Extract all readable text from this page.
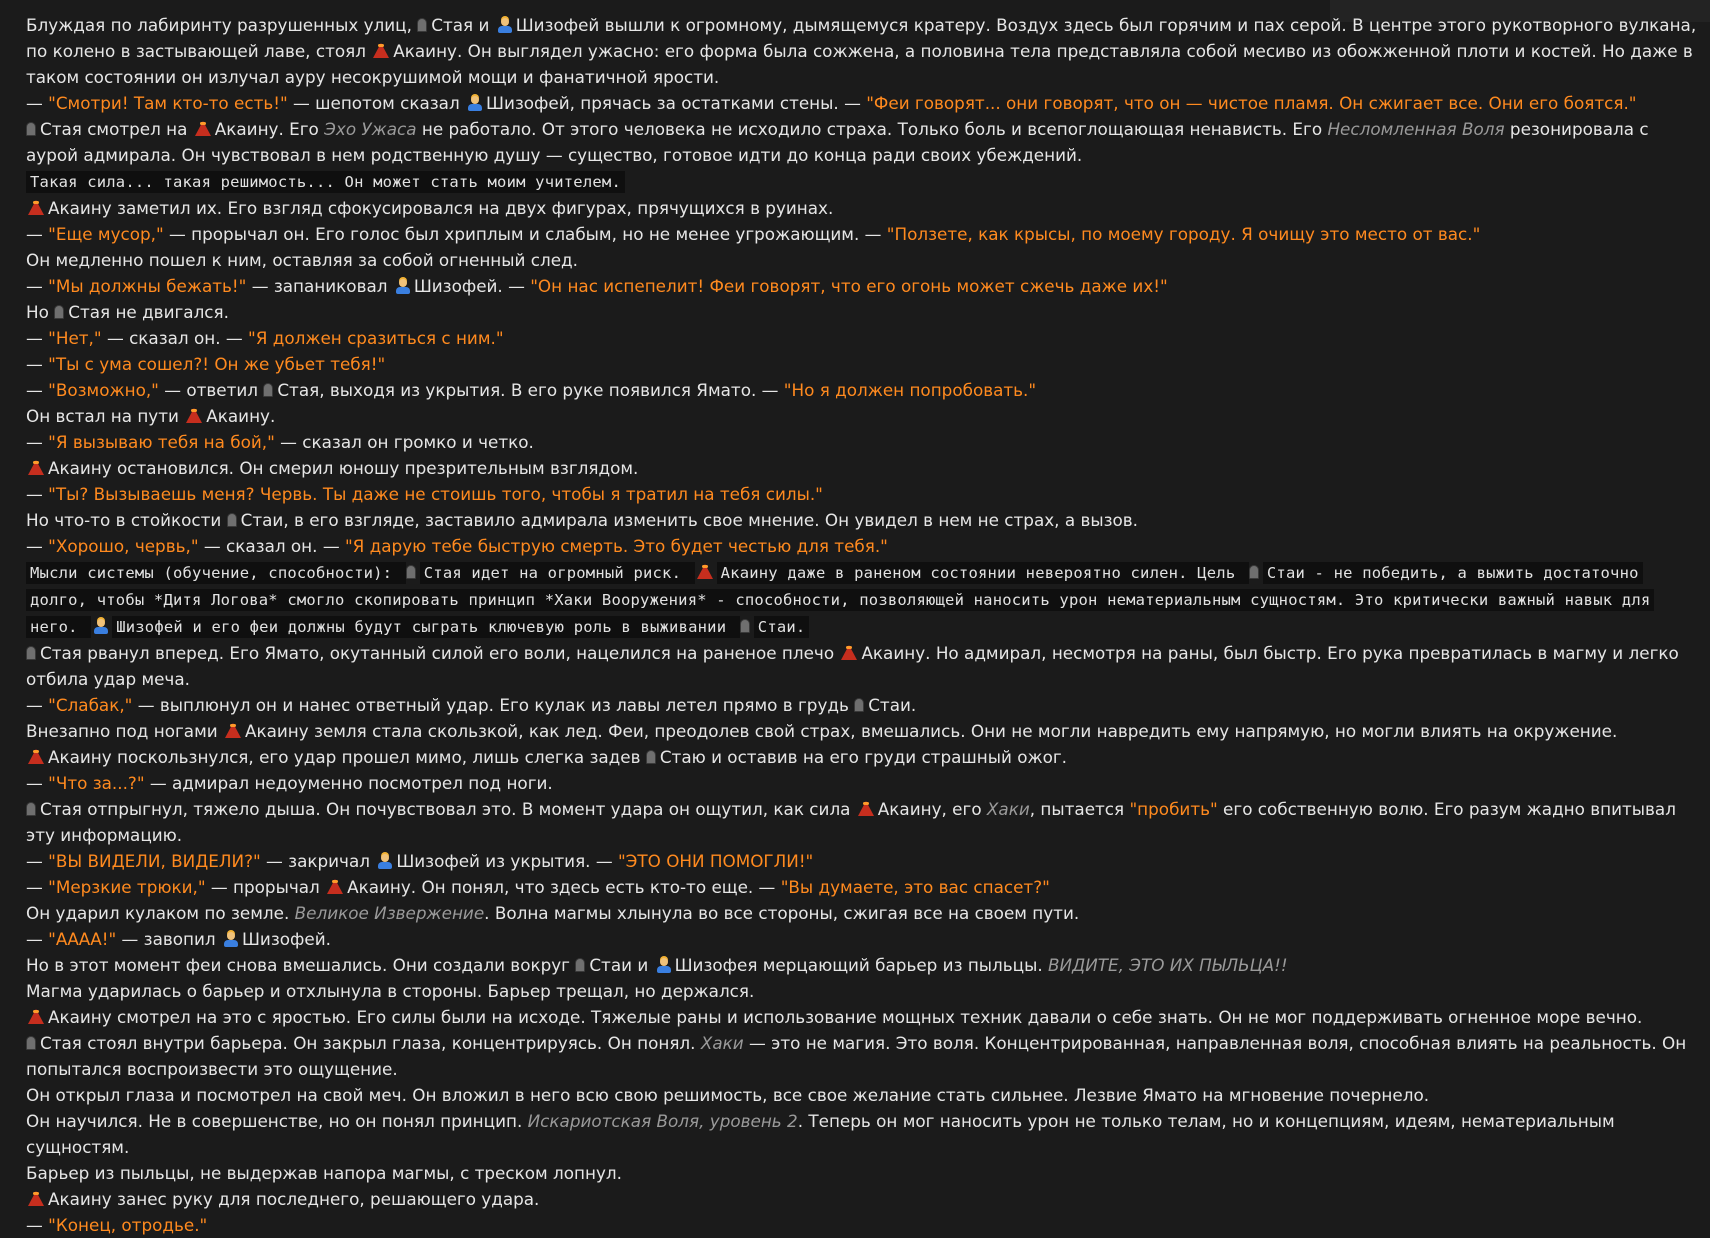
Блуждая по лабиринту разрушенных улиц, Стая и Шизофей вышли к огромному, дымящемуся кратеру. Воздух здесь был горячим и пах серой. В центре этого рукотворного вулкана, по колено в застывающей лаве, стоял Акаину. Он выглядел ужасно: его форма была сожжена, а половина тела представляла собой месиво из обожженной плоти и костей. Но даже в таком состоянии он излучал ауру несокрушимой мощи и фанатичной ярости.
— "Смотри! Там кто-то есть!" — шепотом сказал Шизофей, прячась за остатками стены. — "Феи говорят... они говорят, что он — чистое пламя. Он сжигает все. Они его боятся."
Стая смотрел на Акаину. Его Эхо Ужаса не работало. От этого человека не исходило страха. Только боль и всепоглощающая ненависть. Его Несломленная Воля резонировала с аурой адмирала. Он чувствовал в нем родственную душу — существо, готовое идти до конца ради своих убеждений.
Такая сила... такая решимость... Он может стать моим учителем.
Акаину заметил их. Его взгляд сфокусировался на двух фигурах, прячущихся в руинах.
— "Еще мусор," — прорычал он. Его голос был хриплым и слабым, но не менее угрожающим. — "Ползете, как крысы, по моему городу. Я очищу это место от вас."
Он медленно пошел к ним, оставляя за собой огненный след.
— "Мы должны бежать!" — запаниковал Шизофей. — "Он нас испепелит! Феи говорят, что его огонь может сжечь даже их!"
Но Стая не двигался.
— "Нет," — сказал он. — "Я должен сразиться с ним."
— "Ты с ума сошел?! Он же убьет тебя!"
— "Возможно," — ответил Стая, выходя из укрытия. В его руке появился Ямато. — "Но я должен попробовать."
Он встал на пути Акаину.
— "Я вызываю тебя на бой," — сказал он громко и четко.
Акаину остановился. Он смерил юношу презрительным взглядом.
— "Ты? Вызываешь меня? Червь. Ты даже не стоишь того, чтобы я тратил на тебя силы."
Но что-то в стойкости Стаи, в его взгляде, заставило адмирала изменить свое мнение. Он увидел в нем не страх, а вызов.
— "Хорошо, червь," — сказал он. — "Я дарую тебе быструю смерть. Это будет честью для тебя."
Мысли системы (обучение, способности): Стая идет на огромный риск. Акаину даже в раненом состоянии невероятно силен. Цель Стаи - не победить, а выжить достаточно долго, чтобы *Дитя Логова* смогло скопировать принцип *Хаки Вооружения* - способности, позволяющей наносить урон нематериальным сущностям. Это критически важный навык для него. Шизофей и его феи должны будут сыграть ключевую роль в выживании Стаи.
Стая рванул вперед. Его Ямато, окутанный силой его воли, нацелился на раненое плечо Акаину. Но адмирал, несмотря на раны, был быстр. Его рука превратилась в магму и легко отбила удар меча.
— "Слабак," — выплюнул он и нанес ответный удар. Его кулак из лавы летел прямо в грудь Стаи.
Внезапно под ногами Акаину земля стала скользкой, как лед. Феи, преодолев свой страх, вмешались. Они не могли навредить ему напрямую, но могли влиять на окружение.
Акаину поскользнулся, его удар прошел мимо, лишь слегка задев Стаю и оставив на его груди страшный ожог.
— "Что за...?" — адмирал недоуменно посмотрел под ноги.
Стая отпрыгнул, тяжело дыша. Он почувствовал это. В момент удара он ощутил, как сила Акаину, его Хаки, пытается "пробить" его собственную волю. Его разум жадно впитывал эту информацию.
— "ВЫ ВИДЕЛИ, ВИДЕЛИ?" — закричал Шизофей из укрытия. — "ЭТО ОНИ ПОМОГЛИ!"
— "Мерзкие трюки," — прорычал Акаину. Он понял, что здесь есть кто-то еще. — "Вы думаете, это вас спасет?"
Он ударил кулаком по земле. Великое Извержение. Волна магмы хлынула во все стороны, сжигая все на своем пути.
— "АААА!" — завопил Шизофей.
Но в этот момент феи снова вмешались. Они создали вокруг Стаи и Шизофея мерцающий барьер из пыльцы. ВИДИТЕ, ЭТО ИХ ПЫЛЬЦА!!
Магма ударилась о барьер и отхлынула в стороны. Барьер трещал, но держался.
Акаину смотрел на это с яростью. Его силы были на исходе. Тяжелые раны и использование мощных техник давали о себе знать. Он не мог поддерживать огненное море вечно.
Стая стоял внутри барьера. Он закрыл глаза, концентрируясь. Он понял. Хаки — это не магия. Это воля. Концентрированная, направленная воля, способная влиять на реальность. Он попытался воспроизвести это ощущение.
Он открыл глаза и посмотрел на свой меч. Он вложил в него всю свою решимость, все свое желание стать сильнее. Лезвие Ямато на мгновение почернело.
Он научился. Не в совершенстве, но он понял принцип. Искариотская Воля, уровень 2. Теперь он мог наносить урон не только телам, но и концепциям, идеям, нематериальным сущностям.
Барьер из пыльцы, не выдержав напора магмы, с треском лопнул.
Акаину занес руку для последнего, решающего удара.
— "Конец, отродье."
